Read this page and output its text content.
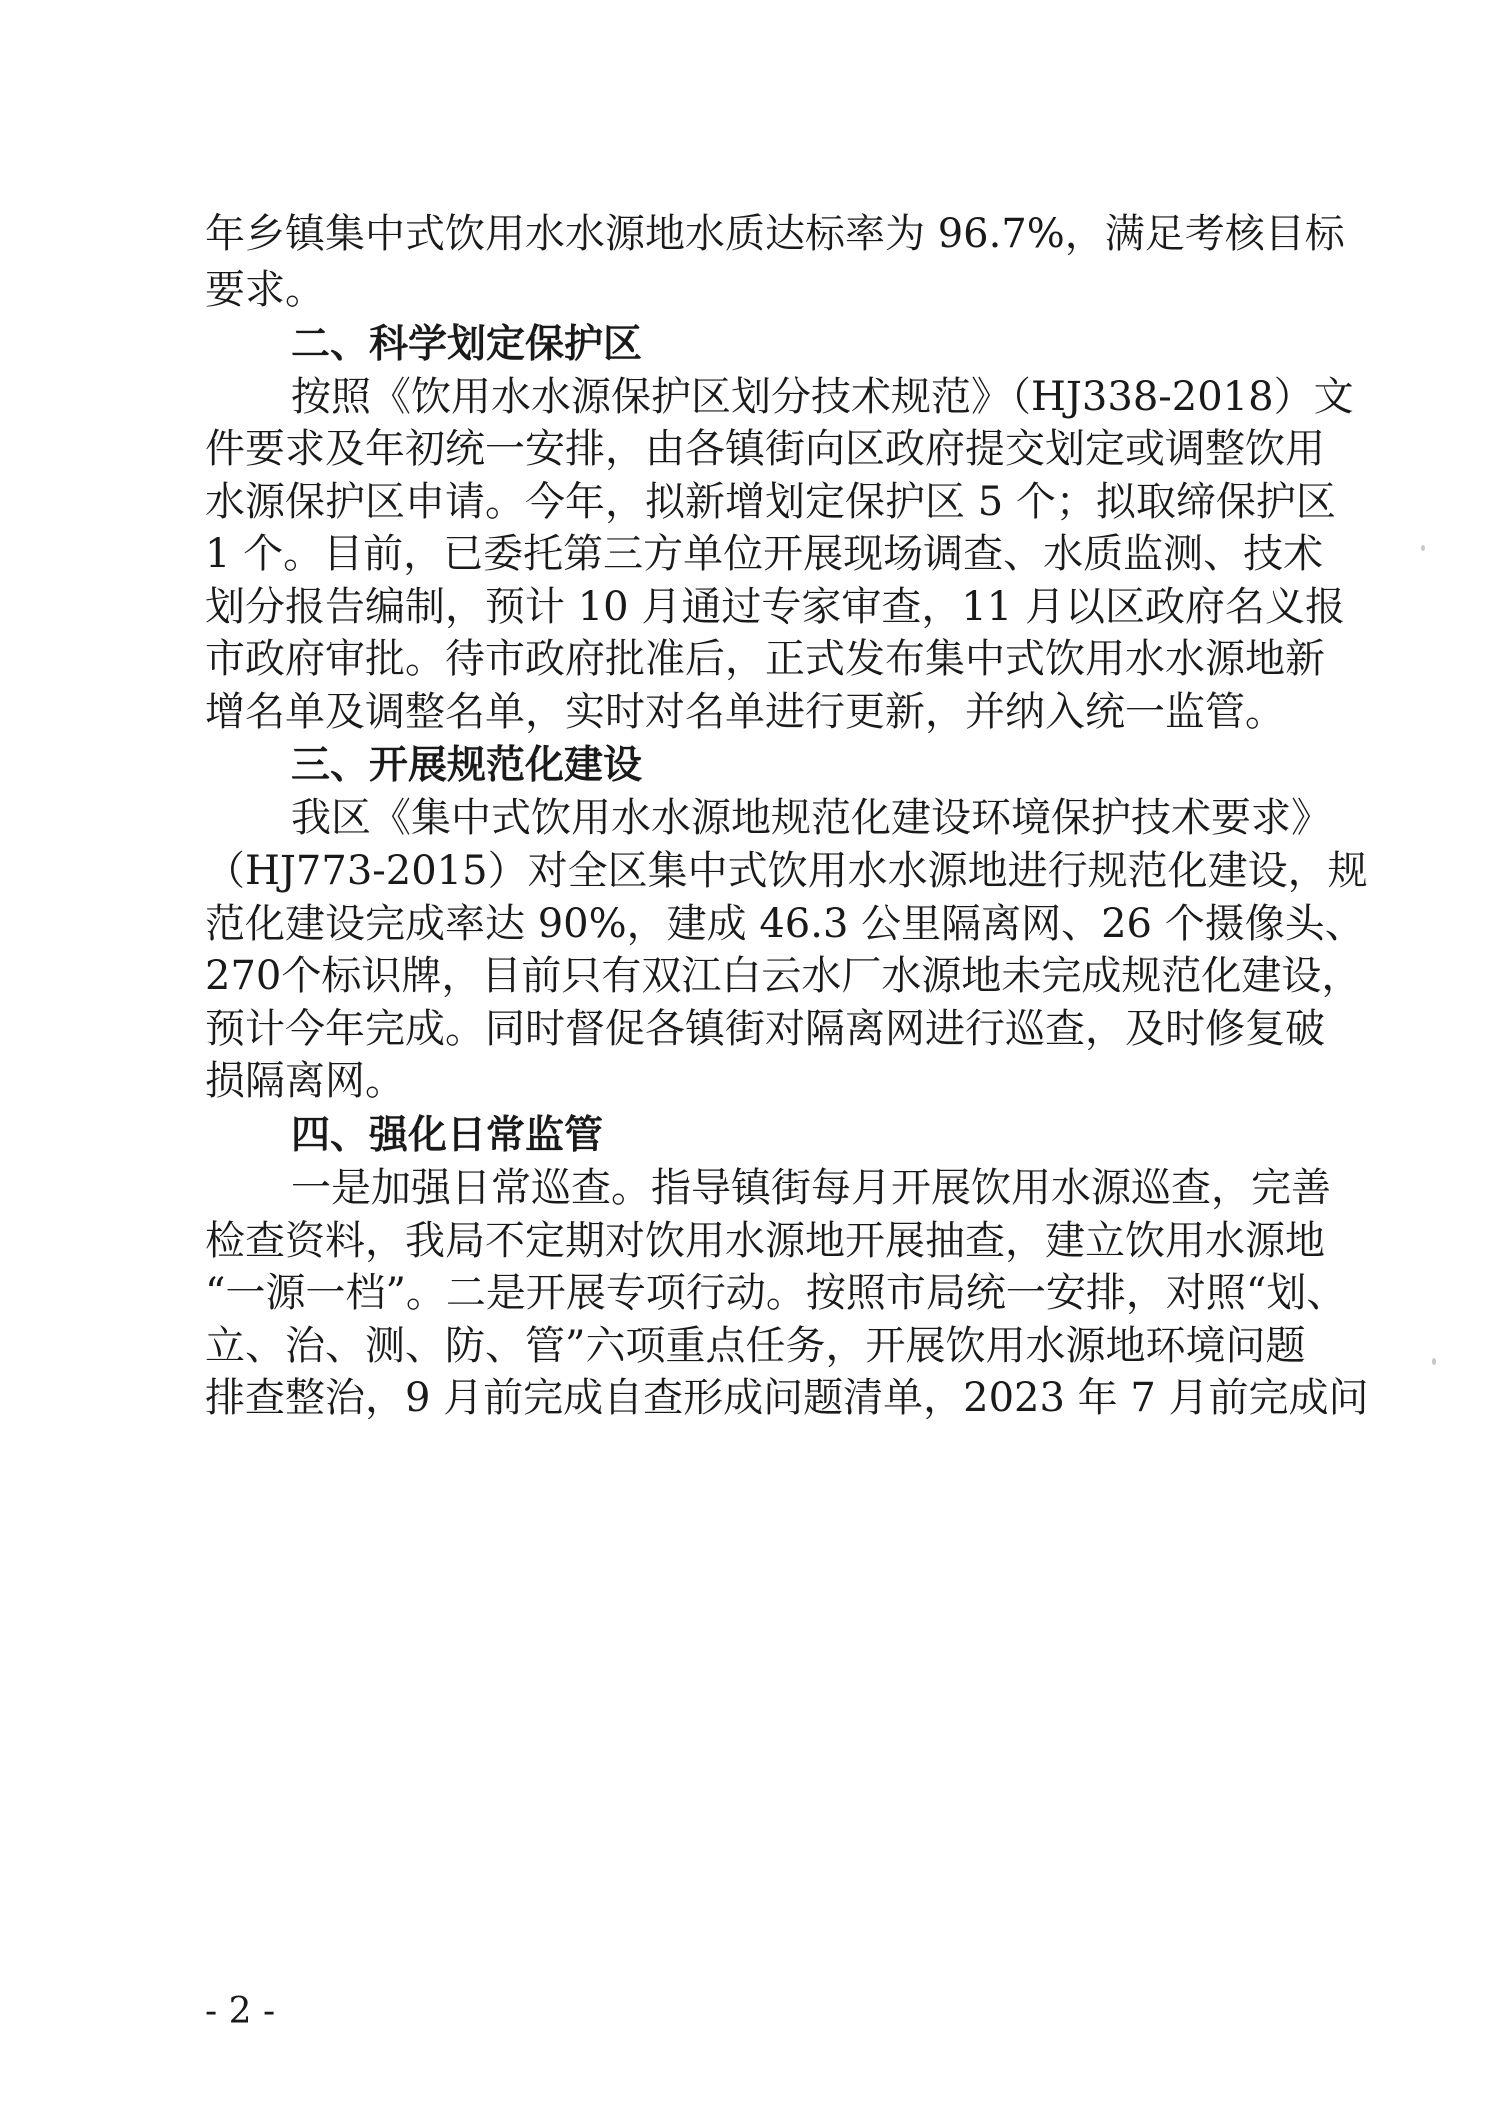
年乡镇集中式饮用水水源地水质达标率为 96.7%，满足考核目标
要求。
二、科学划定保护区
按照《饮用水水源保护区划分技术规范》（HJ338-2018）文
件要求及年初统一安排，由各镇街向区政府提交划定或调整饮用
水源保护区申请。今年，拟新增划定保护区 5 个；拟取缔保护区
1 个。目前，已委托第三方单位开展现场调查、水质监测、技术
划分报告编制，预计 10 月通过专家审查，11 月以区政府名义报
市政府审批。待市政府批准后，正式发布集中式饮用水水源地新
增名单及调整名单，实时对名单进行更新，并纳入统一监管。
三、开展规范化建设
我区《集中式饮用水水源地规范化建设环境保护技术要求》
（HJ773-2015）对全区集中式饮用水水源地进行规范化建设，规
范化建设完成率达 90%，建成 46.3 公里隔离网、26 个摄像头、
270个标识牌，目前只有双江白云水厂水源地未完成规范化建设，
预计今年完成。同时督促各镇街对隔离网进行巡查，及时修复破
损隔离网。
四、强化日常监管
一是加强日常巡查。指导镇街每月开展饮用水源巡查，完善
检查资料，我局不定期对饮用水源地开展抽查，建立饮用水源地
“一源一档”。二是开展专项行动。按照市局统一安排，对照“划、
立、治、测、防、管”六项重点任务，开展饮用水源地环境问题
排查整治，9 月前完成自查形成问题清单，2023 年 7 月前完成问
- 2 -
